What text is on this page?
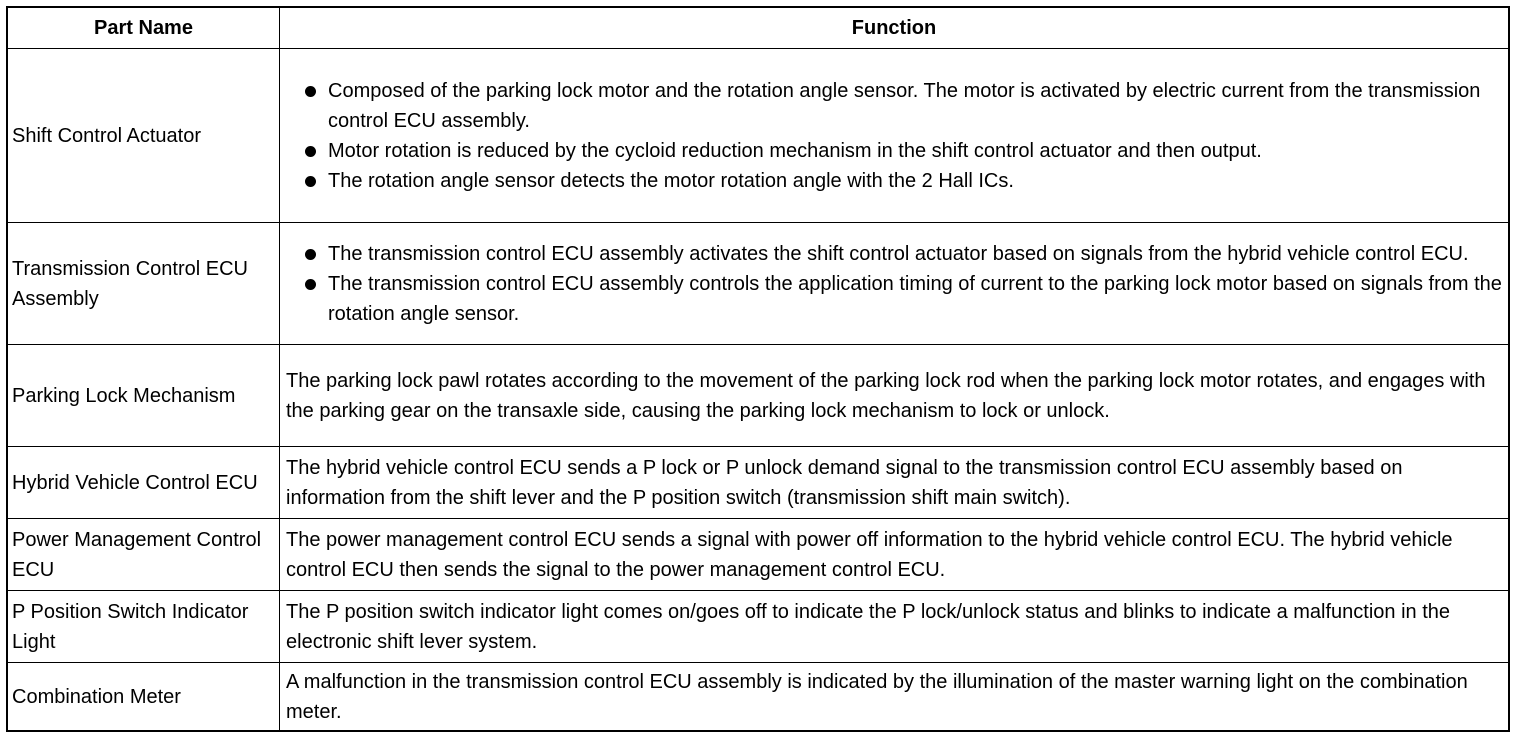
Part Name	Function
Shift Control Actuator
Composed of the parking lock motor and the rotation angle sensor. The motor is activated by electric current from the transmission control ECU assembly.
Motor rotation is reduced by the cycloid reduction mechanism in the shift control actuator and then output.
The rotation angle sensor detects the motor rotation angle with the 2 Hall ICs.
Transmission Control ECU Assembly
The transmission control ECU assembly activates the shift control actuator based on signals from the hybrid vehicle control ECU.
The transmission control ECU assembly controls the application timing of current to the parking lock motor based on signals from the rotation angle sensor.
Parking Lock Mechanism
The parking lock pawl rotates according to the movement of the parking lock rod when the parking lock motor rotates, and engages with the parking gear on the transaxle side, causing the parking lock mechanism to lock or unlock.
Hybrid Vehicle Control ECU
The hybrid vehicle control ECU sends a P lock or P unlock demand signal to the transmission control ECU assembly based on information from the shift lever and the P position switch (transmission shift main switch).
Power Management Control ECU
The power management control ECU sends a signal with power off information to the hybrid vehicle control ECU. The hybrid vehicle control ECU then sends the signal to the power management control ECU.
P Position Switch Indicator Light
The P position switch indicator light comes on/goes off to indicate the P lock/unlock status and blinks to indicate a malfunction in the electronic shift lever system.
Combination Meter
A malfunction in the transmission control ECU assembly is indicated by the illumination of the master warning light on the combination meter.
